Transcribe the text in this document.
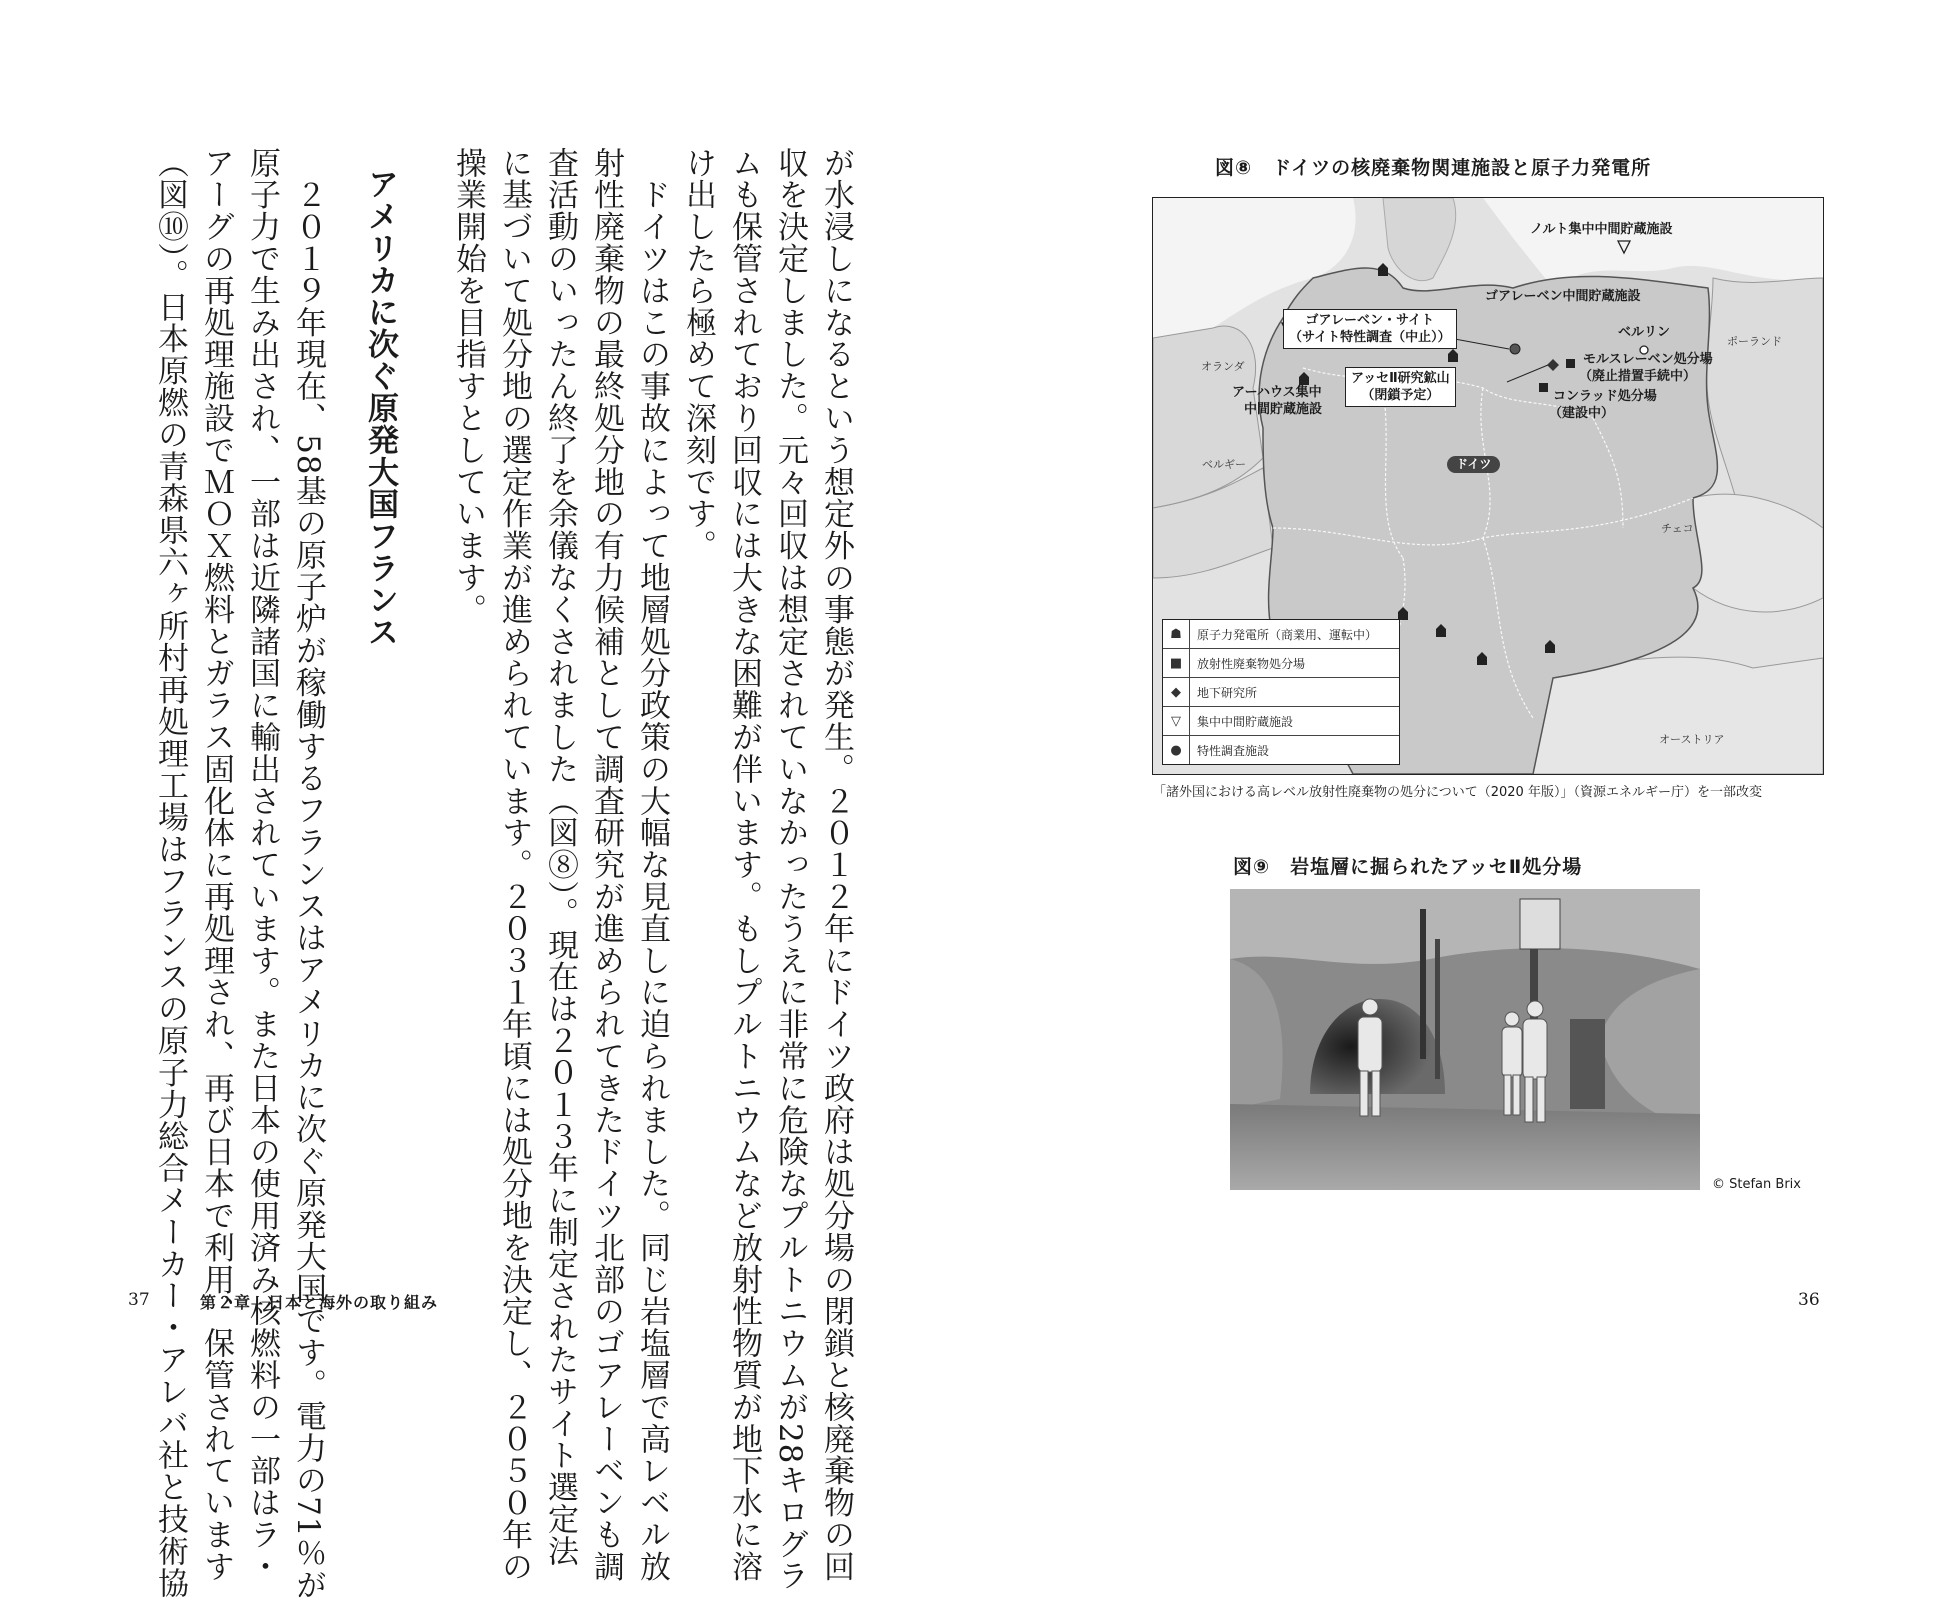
が水浸しになるという想定外の事態が発生。２０１２年にドイツ政府は処分場の閉鎖と核廃棄物の回
収を決定しました。元々回収は想定されていなかったうえに非常に危険なプルトニウムが28キログラ
ムも保管されており回収には大きな困難が伴います。もしプルトニウムなど放射性物質が地下水に溶
け出したら極めて深刻です。
　ドイツはこの事故によって地層処分政策の大幅な見直しに迫られました。同じ岩塩層で高レベル放
射性廃棄物の最終処分地の有力候補として調査研究が進められてきたドイツ北部のゴアレーベンも調
査活動のいったん終了を余儀なくされました（図⑧）。現在は２０１３年に制定されたサイト選定法
に基づいて処分地の選定作業が進められています。２０３１年頃には処分地を決定し、２０５０年の
操業開始を目指すとしています。
アメリカに次ぐ原発大国フランス
　２０１９年現在、58基の原子炉が稼働するフランスはアメリカに次ぐ原発大国です。電力の71％が
原子力で生み出され、一部は近隣諸国に輸出されています。また日本の使用済み核燃料の一部はラ・
アーグの再処理施設でＭＯＸ燃料とガラス固化体に再処理され、再び日本で利用、保管されています
（図⑩）。日本原燃の青森県六ヶ所村再処理工場はフランスの原子力総合メーカー・アレバ社と技術協
37	第２章　日本と海外の取り組み
図⑧　ドイツの核廃棄物関連施設と原子力発電所
ノルト集中中間貯蔵施設
ゴアレーベン中間貯蔵施設
ベルリン
ポーランド
モルスレーベン処分場
（廃止措置手続中）
コンラッド処分場
（建設中）
オランダ
アーハウス集中
中間貯蔵施設
ベルギー	ドイツ
チェコ
オーストリア
ゴアレーベン・サイト
（サイト特性調査（中止））
アッセⅡ研究鉱山
（閉鎖予定）
☗	原子力発電所（商業用、運転中）
■	放射性廃棄物処分場
◆	地下研究所
▽	集中中間貯蔵施設
●	特性調査施設
「諸外国における高レベル放射性廃棄物の処分について（2020 年版）」（資源エネルギー庁）を一部改変
図⑨　岩塩層に掘られたアッセⅡ処分場
© Stefan Brix
36
